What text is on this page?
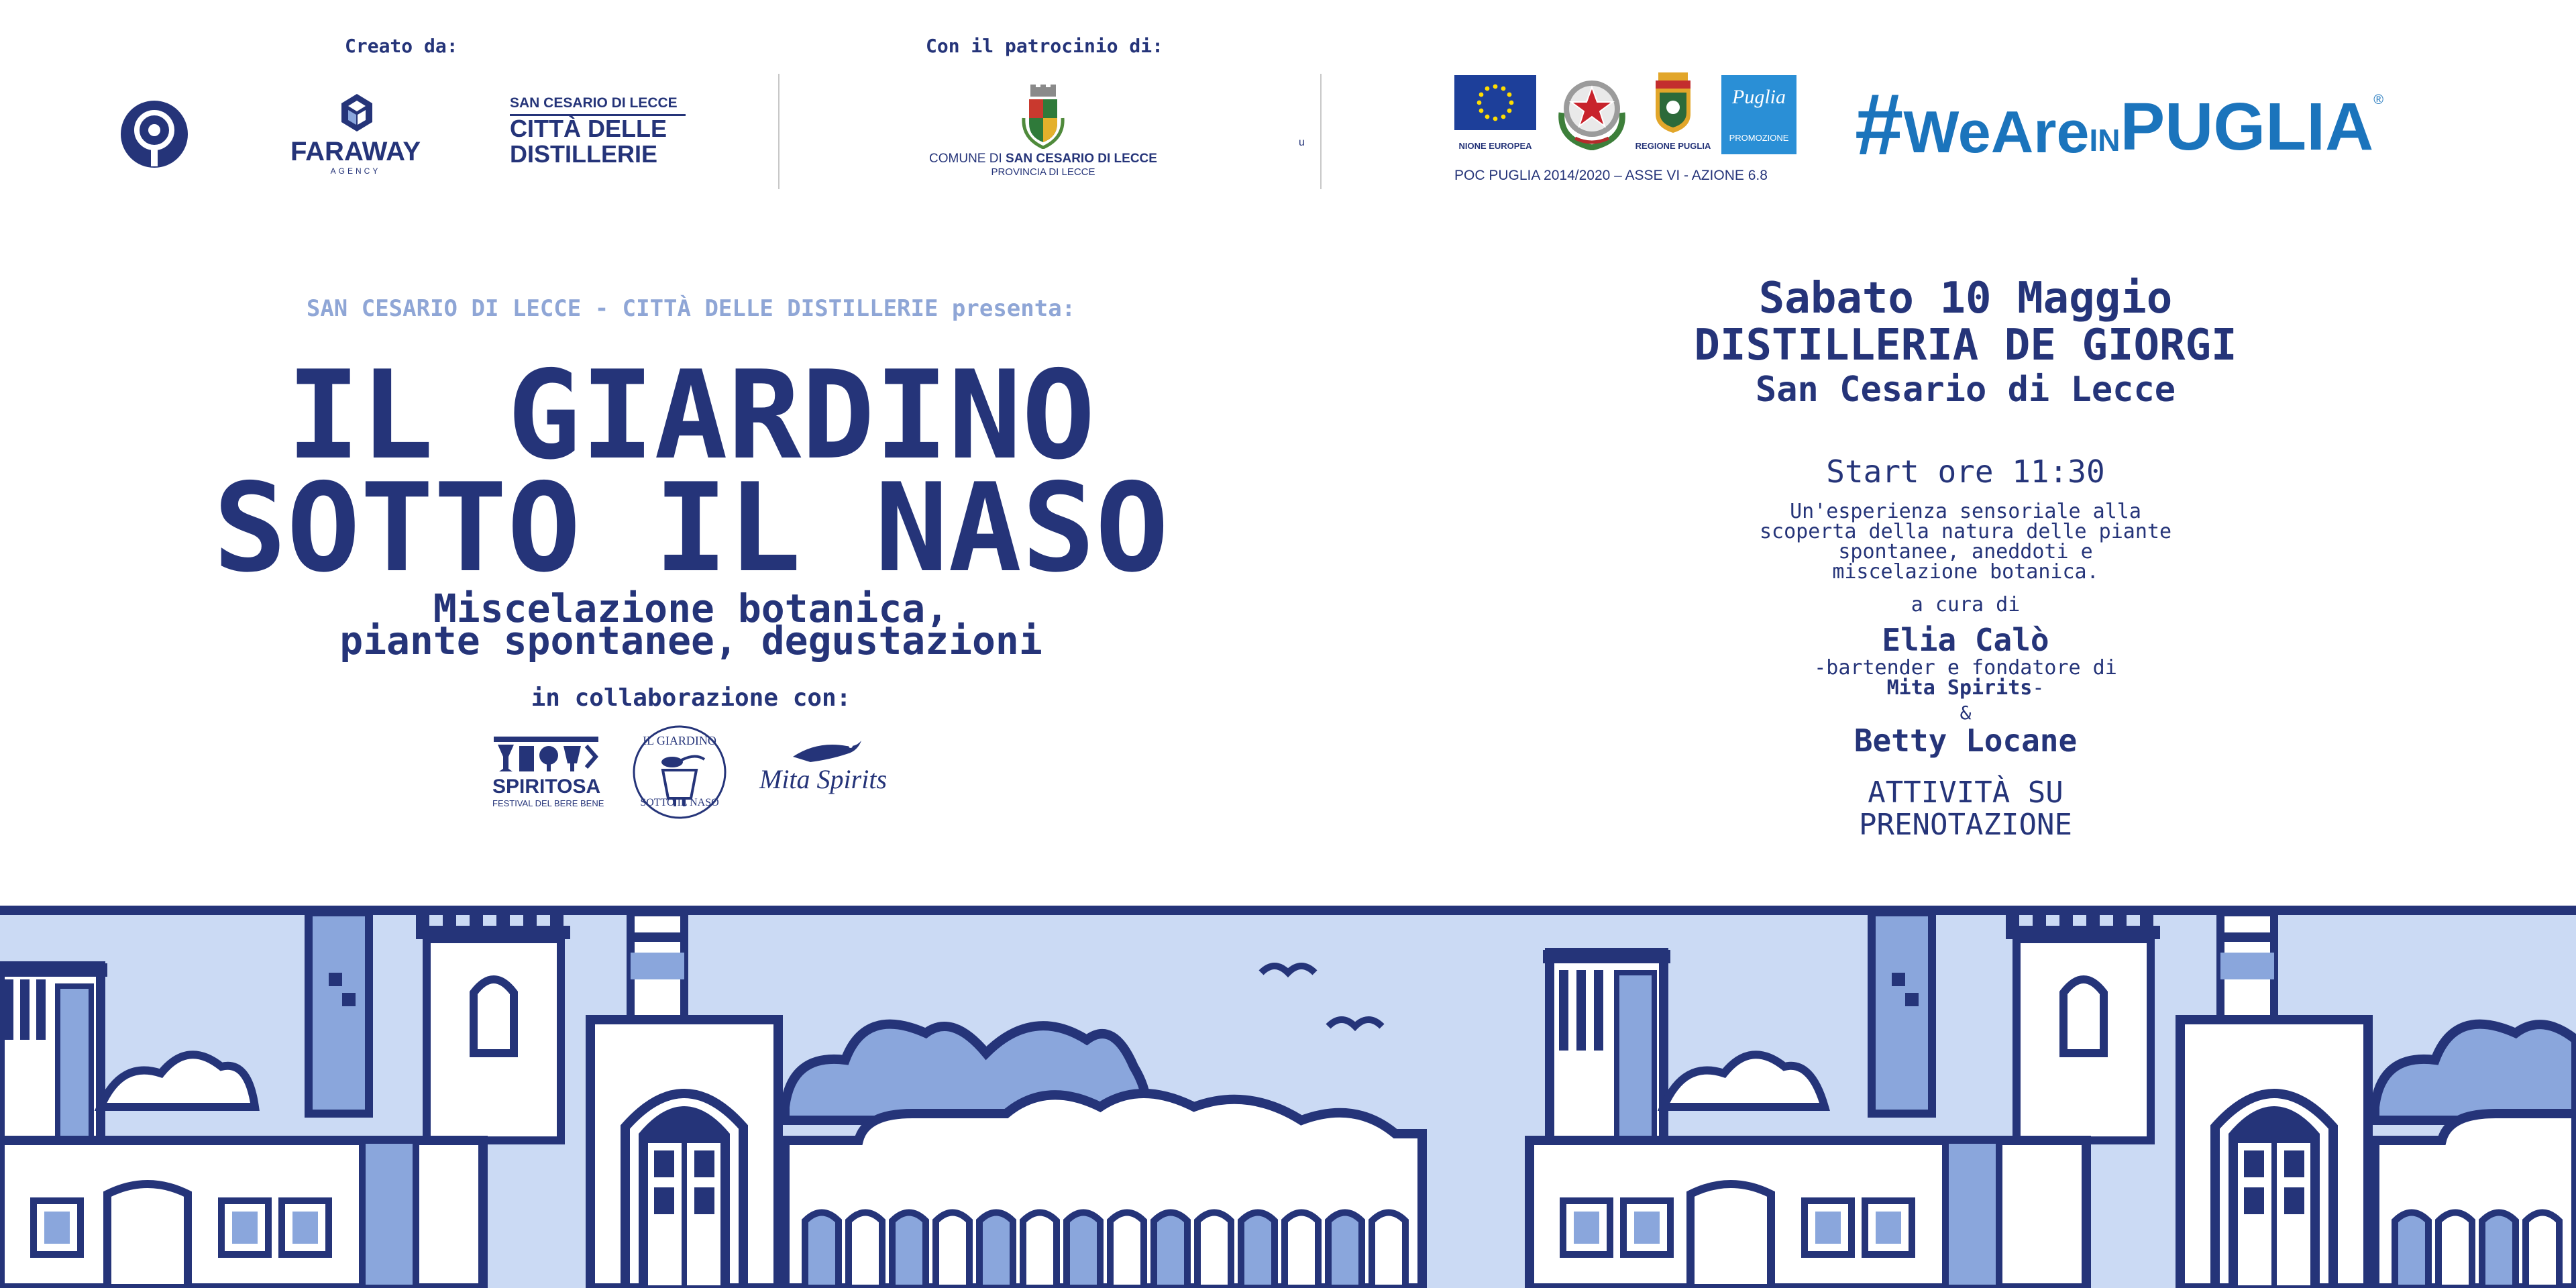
Creato da:	Con il patrocinio di:
FARAWAY
AGENCY
SAN CESARIO DI LECCE
CITTÀ DELLE
DISTILLERIE	COMUNE DI SAN CESARIO DI LECCE
PROVINCIA DI LECCE
u	NIONE EUROPEA	REGIONE PUGLIA
Puglia
PROMOZIONE
POC PUGLIA 2014/2020 – ASSE VI - AZIONE 6.8
#WeAreINPUGLIA®
SAN CESARIO DI LECCE - CITTÀ DELLE DISTILLERIE presenta:
IL GIARDINO
SOTTO IL NASO
Miscelazione botanica,
piante spontanee, degustazioni
in collaborazione con:
SPIRITOSA
FESTIVAL DEL BERE BENE
IL GIARDINO
SOTTO IL NASO
Mita Spirits
Sabato 10 Maggio
DISTILLERIA DE GIORGI
San Cesario di Lecce
Start ore 11:30
Un'esperienza sensoriale alla
scoperta della natura delle piante
spontanee, aneddoti e
miscelazione botanica.
a cura di
Elia Calò
-bartender e fondatore di
Mita Spirits-
&
Betty Locane
ATTIVITÀ SU
PRENOTAZIONE
